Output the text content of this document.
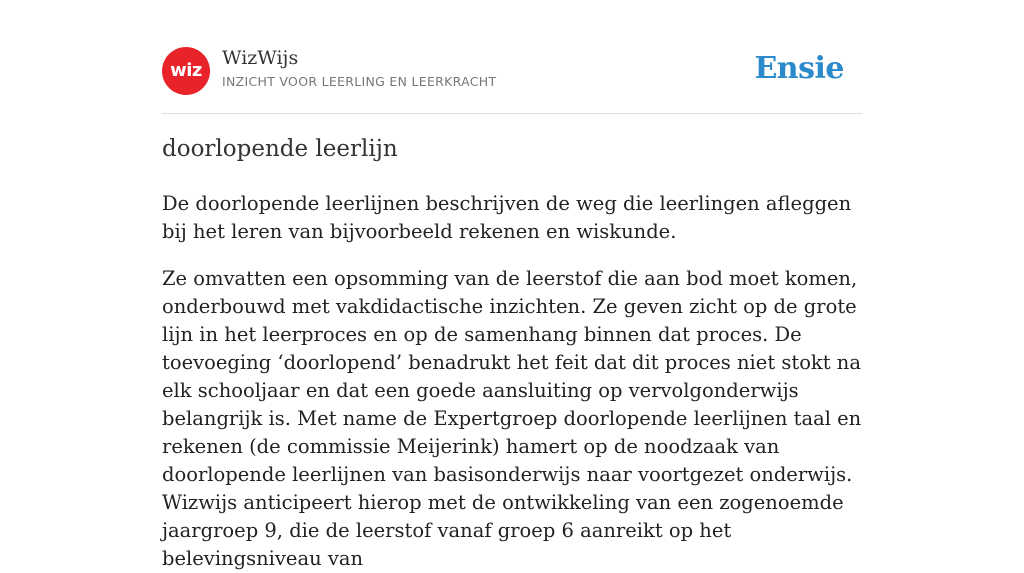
wiz
WizWijs
INZICHT VOOR LEERLING EN LEERKRACHT	Ensie
doorlopende leerlijn
De doorlopende leerlijnen beschrijven de weg die leerlingen afleggen bij het leren van bijvoorbeeld rekenen en wiskunde.
Ze omvatten een opsomming van de leerstof die aan bod moet komen, onderbouwd met vakdidactische inzichten. Ze geven zicht op de grote lijn in het leerproces en op de samenhang binnen dat proces. De toevoeging ‘doorlopend’ benadrukt het feit dat dit proces niet stokt na elk schooljaar en dat een goede aansluiting op vervolgonderwijs belangrijk is. Met name de Expertgroep doorlopende leerlijnen taal en rekenen (de commissie Meijerink) hamert op de noodzaak van doorlopende leerlijnen van basisonderwijs naar voortgezet onderwijs. Wizwijs anticipeert hierop met de ontwikkeling van een zogenoemde jaargroep 9, die de leerstof vanaf groep 6 aanreikt op het belevingsniveau van
